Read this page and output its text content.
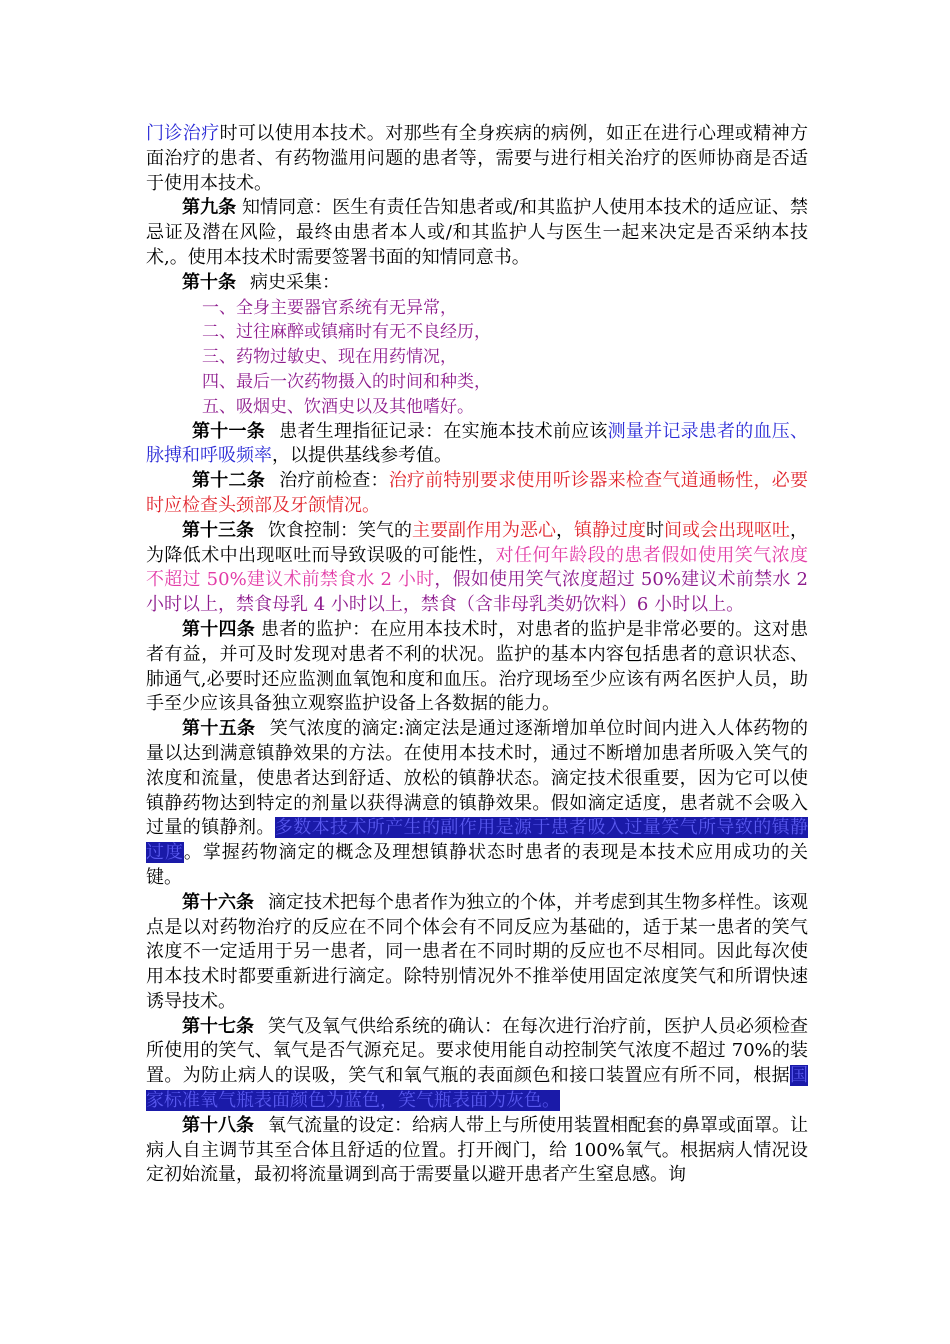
门诊治疗时可以使用本技术。对那些有全身疾病的病例，如正在进行心理或精神方面治疗的患者、有药物滥用问题的患者等，需要与进行相关治疗的医师协商是否适于使用本技术。

第九条 知情同意：医生有责任告知患者或/和其监护人使用本技术的适应证、禁忌证及潜在风险，最终由患者本人或/和其监护人与医生一起来决定是否采纳本技术,。使用本技术时需要签署书面的知情同意书。

第十条 病史采集：

一、全身主要器官系统有无异常，

二、过往麻醉或镇痛时有无不良经历，

三、药物过敏史、现在用药情况，

四、最后一次药物摄入的时间和种类，

五、吸烟史、饮酒史以及其他嗜好。

第十一条 患者生理指征记录：在实施本技术前应该测量并记录患者的血压、脉搏和呼吸频率，以提供基线参考值。

第十二条 治疗前检查：治疗前特别要求使用听诊器来检查气道通畅性，必要时应检查头颈部及牙颌情况。

第十三条 饮食控制：笑气的主要副作用为恶心，镇静过度时间或会出现呕吐，为降低术中出现呕吐而导致误吸的可能性，对任何年龄段的患者假如使用笑气浓度不超过 50%建议术前禁食水 2 小时，假如使用笑气浓度超过 50%建议术前禁水 2 小时以上，禁食母乳 4 小时以上，禁食（含非母乳类奶饮料）6 小时以上。

第十四条 患者的监护：在应用本技术时，对患者的监护是非常必要的。这对患者有益，并可及时发现对患者不利的状况。监护的基本内容包括患者的意识状态、肺通气,必要时还应监测血氧饱和度和血压。治疗现场至少应该有两名医护人员，助手至少应该具备独立观察监护设备上各数据的能力。

第十五条 笑气浓度的滴定:滴定法是通过逐渐增加单位时间内进入人体药物的量以达到满意镇静效果的方法。在使用本技术时，通过不断增加患者所吸入笑气的浓度和流量，使患者达到舒适、放松的镇静状态。滴定技术很重要，因为它可以使镇静药物达到特定的剂量以获得满意的镇静效果。假如滴定适度，患者就不会吸入过量的镇静剂。多数本技术所产生的副作用是源于患者吸入过量笑气所导致的镇静过度。掌握药物滴定的概念及理想镇静状态时患者的表现是本技术应用成功的关键。

第十六条 滴定技术把每个患者作为独立的个体，并考虑到其生物多样性。该观点是以对药物治疗的反应在不同个体会有不同反应为基础的，适于某一患者的笑气浓度不一定适用于另一患者，同一患者在不同时期的反应也不尽相同。因此每次使用本技术时都要重新进行滴定。除特别情况外不推举使用固定浓度笑气和所谓快速诱导技术。

第十七条 笑气及氧气供给系统的确认：在每次进行治疗前，医护人员必须检查所使用的笑气、氧气是否气源充足。要求使用能自动控制笑气浓度不超过 70%的装置。为防止病人的误吸，笑气和氧气瓶的表面颜色和接口装置应有所不同，根据国家标准氧气瓶表面颜色为蓝色，笑气瓶表面为灰色。

第十八条 氧气流量的设定：给病人带上与所使用装置相配套的鼻罩或面罩。让病人自主调节其至合体且舒适的位置。打开阀门，给 100%氧气。根据病人情况设定初始流量，最初将流量调到高于需要量以避开患者产生窒息感。询
